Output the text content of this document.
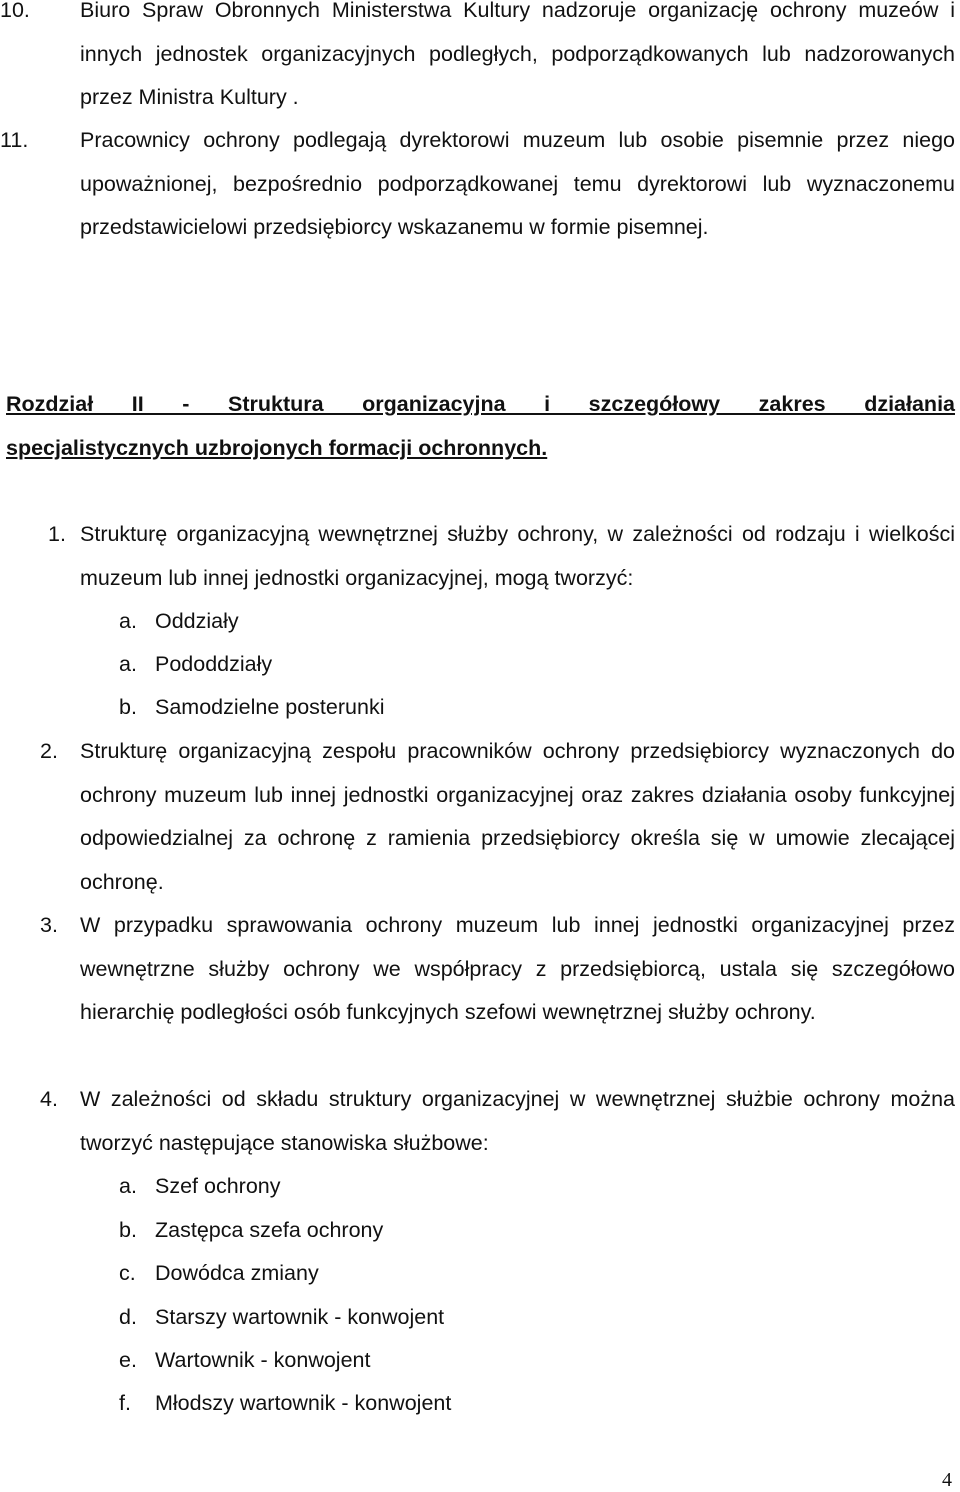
10.	Biuro Spraw Obronnych Ministerstwa Kultury nadzoruje organizację ochrony muzeów i innych jednostek organizacyjnych podległych, podporządkowanych lub nadzorowanych przez Ministra Kultury .
11.	Pracownicy ochrony podlegają dyrektorowi muzeum lub osobie pisemnie przez niego upoważnionej, bezpośrednio podporządkowanej temu dyrektorowi lub wyznaczonemu przedstawicielowi przedsiębiorcy wskazanemu w formie pisemnej.
Rozdział II - Struktura organizacyjna i szczegółowy zakres działania
specjalistycznych uzbrojonych formacji ochronnych.
1. Strukturę organizacyjną wewnętrznej służby ochrony, w zależności od rodzaju i wielkości muzeum lub innej jednostki organizacyjnej, mogą tworzyć:
a. Oddziały
a. Pododdziały
b. Samodzielne posterunki
2.	Strukturę organizacyjną zespołu pracowników ochrony przedsiębiorcy wyznaczonych do ochrony muzeum lub innej jednostki organizacyjnej oraz zakres działania osoby funkcyjnej odpowiedzialnej za ochronę z ramienia przedsiębiorcy określa się w umowie zlecającej ochronę.
3.	W przypadku sprawowania ochrony muzeum lub innej jednostki organizacyjnej przez wewnętrzne służby ochrony we współpracy z przedsiębiorcą, ustala się szczegółowo hierarchię podległości osób funkcyjnych szefowi wewnętrznej służby ochrony.
4.	W zależności od składu struktury organizacyjnej w wewnętrznej służbie ochrony można tworzyć następujące stanowiska służbowe:
a. Szef ochrony
b. Zastępca szefa ochrony
c. Dowódca zmiany
d. Starszy wartownik - konwojent
e. Wartownik - konwojent
f. Młodszy wartownik - konwojent
4
